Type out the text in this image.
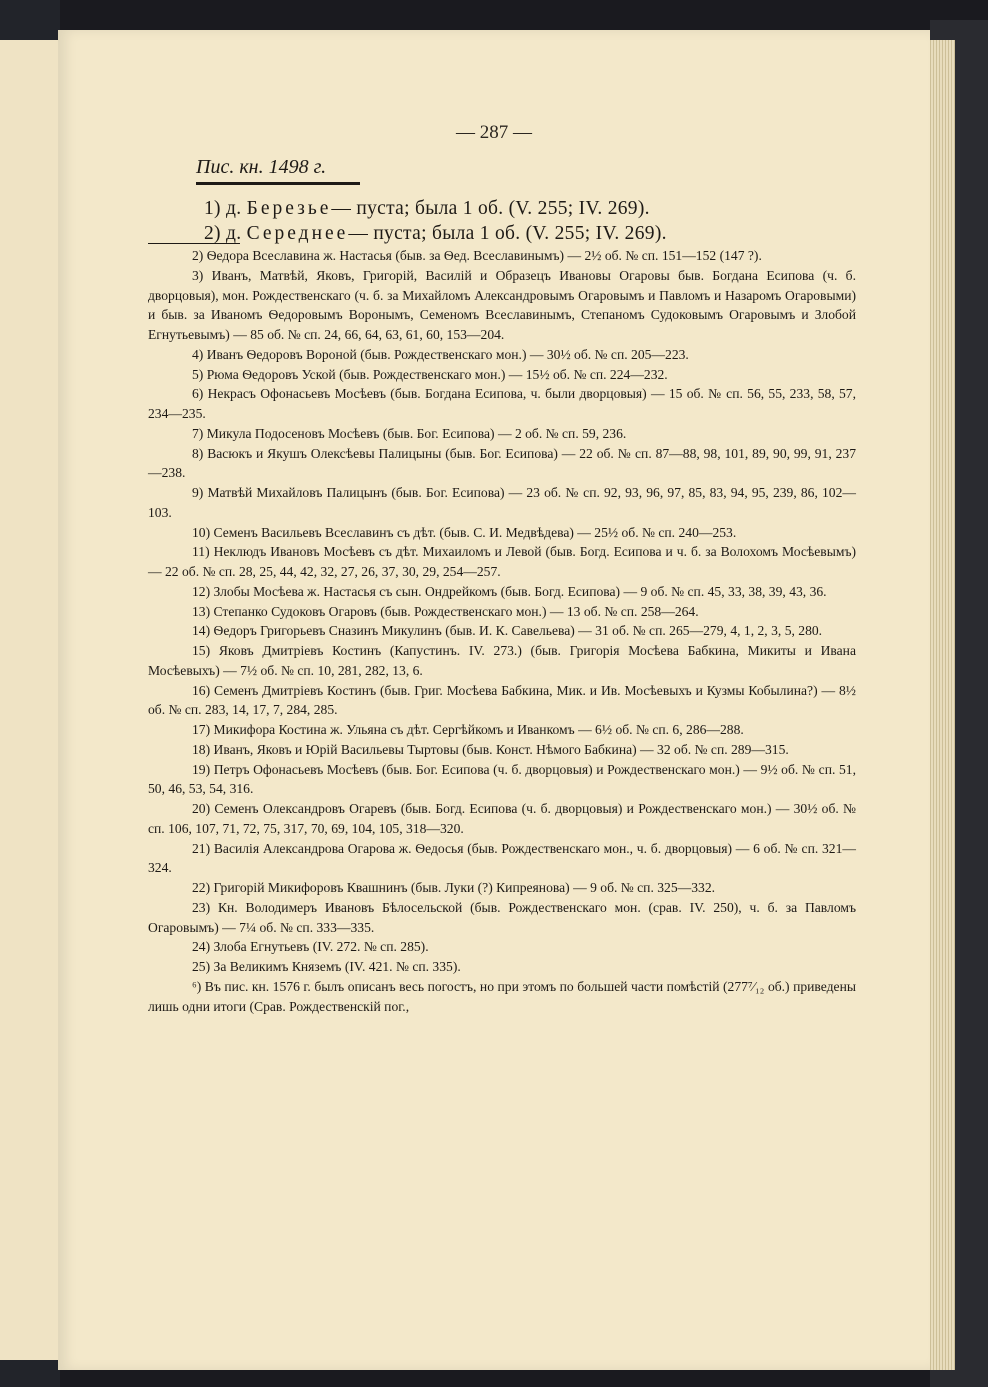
— 287 —
Пис. кн. 1498 г.
1) д. Березье— пуста; была 1 об. (V. 255; IV. 269).
2) д. Середнее— пуста; была 1 об. (V. 255; IV. 269).

2) Ѳедора Всеславина ж. Настасья (быв. за Ѳед. Всеславинымъ) — 2½ об. № сп. 151—152 (147 ?).

3) Иванъ, Матвѣй, Яковъ, Григорій, Василій и Образецъ Ивановы Огаровы быв. Богдана Есипова (ч. б. дворцовыя), мон. Рождественскаго (ч. б. за Михайломъ Александровымъ Огаровымъ и Павломъ и Назаромъ Огаровыми) и быв. за Иваномъ Ѳедоровымъ Воронымъ, Семеномъ Всеславинымъ, Степаномъ Судоковымъ Огаровымъ и Злобой Егнутьевымъ) — 85 об. № сп. 24, 66, 64, 63, 61, 60, 153—204.

4) Иванъ Ѳедоровъ Вороной (быв. Рождественскаго мон.) — 30½ об. № сп. 205—223.

5) Рюма Ѳедоровъ Уской (быв. Рождественскаго мон.) — 15½ об. № сп. 224—232.

6) Некрасъ Офонасьевъ Мосѣевъ (быв. Богдана Есипова, ч. были дворцовыя) — 15 об. № сп. 56, 55, 233, 58, 57, 234—235.

7) Микула Подосеновъ Мосѣевъ (быв. Бог. Есипова) — 2 об. № сп. 59, 236.

8) Васюкъ и Якушъ Олексѣевы Палицыны (быв. Бог. Есипова) — 22 об. № сп. 87—88, 98, 101, 89, 90, 99, 91, 237—238.

9) Матвѣй Михайловъ Палицынъ (быв. Бог. Есипова) — 23 об. № сп. 92, 93, 96, 97, 85, 83, 94, 95, 239, 86, 102—103.

10) Семенъ Васильевъ Всеславинъ съ дѣт. (быв. С. И. Медвѣдева) — 25½ об. № сп. 240—253.

11) Неклюдъ Ивановъ Мосѣевъ съ дѣт. Михаиломъ и Левой (быв. Богд. Есипова и ч. б. за Волохомъ Мосѣевымъ) — 22 об. № сп. 28, 25, 44, 42, 32, 27, 26, 37, 30, 29, 254—257.

12) Злобы Мосѣева ж. Настасья съ сын. Ондрейкомъ (быв. Богд. Есипова) — 9 об. № сп. 45, 33, 38, 39, 43, 36.

13) Степанко Судоковъ Огаровъ (быв. Рождественскаго мон.) — 13 об. № сп. 258—264.

14) Ѳедоръ Григорьевъ Сназинъ Микулинъ (быв. И. К. Савельева) — 31 об. № сп. 265—279, 4, 1, 2, 3, 5, 280.

15) Яковъ Дмитріевъ Костинъ (Капустинъ. IV. 273.) (быв. Григорія Мосѣева Бабкина, Микиты и Ивана Мосѣевыхъ) — 7½ об. № сп. 10, 281, 282, 13, 6.

16) Семенъ Дмитріевъ Костинъ (быв. Григ. Мосѣева Бабкина, Мик. и Ив. Мосѣевыхъ и Кузмы Кобылина?) — 8½ об. № сп. 283, 14, 17, 7, 284, 285.

17) Микифора Костина ж. Ульяна съ дѣт. Сергѣйкомъ и Иванкомъ — 6½ об. № сп. 6, 286—288.

18) Иванъ, Яковъ и Юрій Васильевы Тыртовы (быв. Конст. Нѣмого Бабкина) — 32 об. № сп. 289—315.

19) Петръ Офонасьевъ Мосѣевъ (быв. Бог. Есипова (ч. б. дворцовыя) и Рождественскаго мон.) — 9½ об. № сп. 51, 50, 46, 53, 54, 316.

20) Семенъ Олександровъ Огаревъ (быв. Богд. Есипова (ч. б. дворцовыя) и Рождественскаго мон.) — 30½ об. № сп. 106, 107, 71, 72, 75, 317, 70, 69, 104, 105, 318—320.

21) Василія Александрова Огарова ж. Ѳедосья (быв. Рождественскаго мон., ч. б. дворцовыя) — 6 об. № сп. 321—324.

22) Григорій Микифоровъ Квашнинъ (быв. Луки (?) Кипреянова) — 9 об. № сп. 325—332.

23) Кн. Володимеръ Ивановъ Бѣлосельской (быв. Рождественскаго мон. (срав. IV. 250), ч. б. за Павломъ Огаровымъ) — 7¼ об. № сп. 333—335.

24) Злоба Егнутьевъ (IV. 272. № сп. 285).

25) За Великимъ Княземъ (IV. 421. № сп. 335).

⁶) Въ пис. кн. 1576 г. былъ описанъ весь погостъ, но при этомъ по большей части помѣстій (277⁷⁄₁₂ об.) приведены лишь одни итоги (Срав. Рождественскій пог.,
